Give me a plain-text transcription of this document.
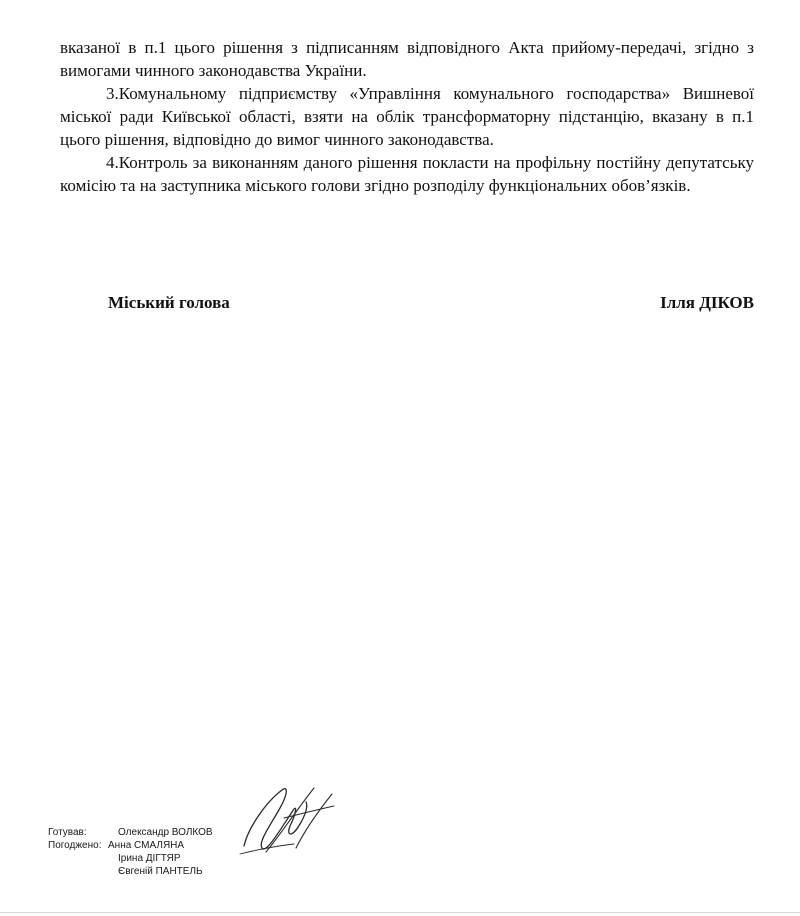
вказаної в п.1 цього рішення з підписанням відповідного Акта прийому-передачі, згідно з вимогами чинного законодавства України.

3.Комунальному підприємству «Управління комунального господарства» Вишневої міської ради Київської області, взяти на облік трансформаторну підстанцію, вказану в п.1 цього рішення, відповідно до вимог чинного законодавства.

4.Контроль за виконанням даного рішення покласти на профільну постійну депутатську комісію та на заступника міського голови згідно розподілу функціональних обов’язків.

Міський голова	Ілля ДІКОВ
Готував:	Олександр ВОЛКОВ
Погоджено: Анна СМАЛЯНА
Ірина ДІГТЯР
Євгеній ПАНТЕЛЬ
